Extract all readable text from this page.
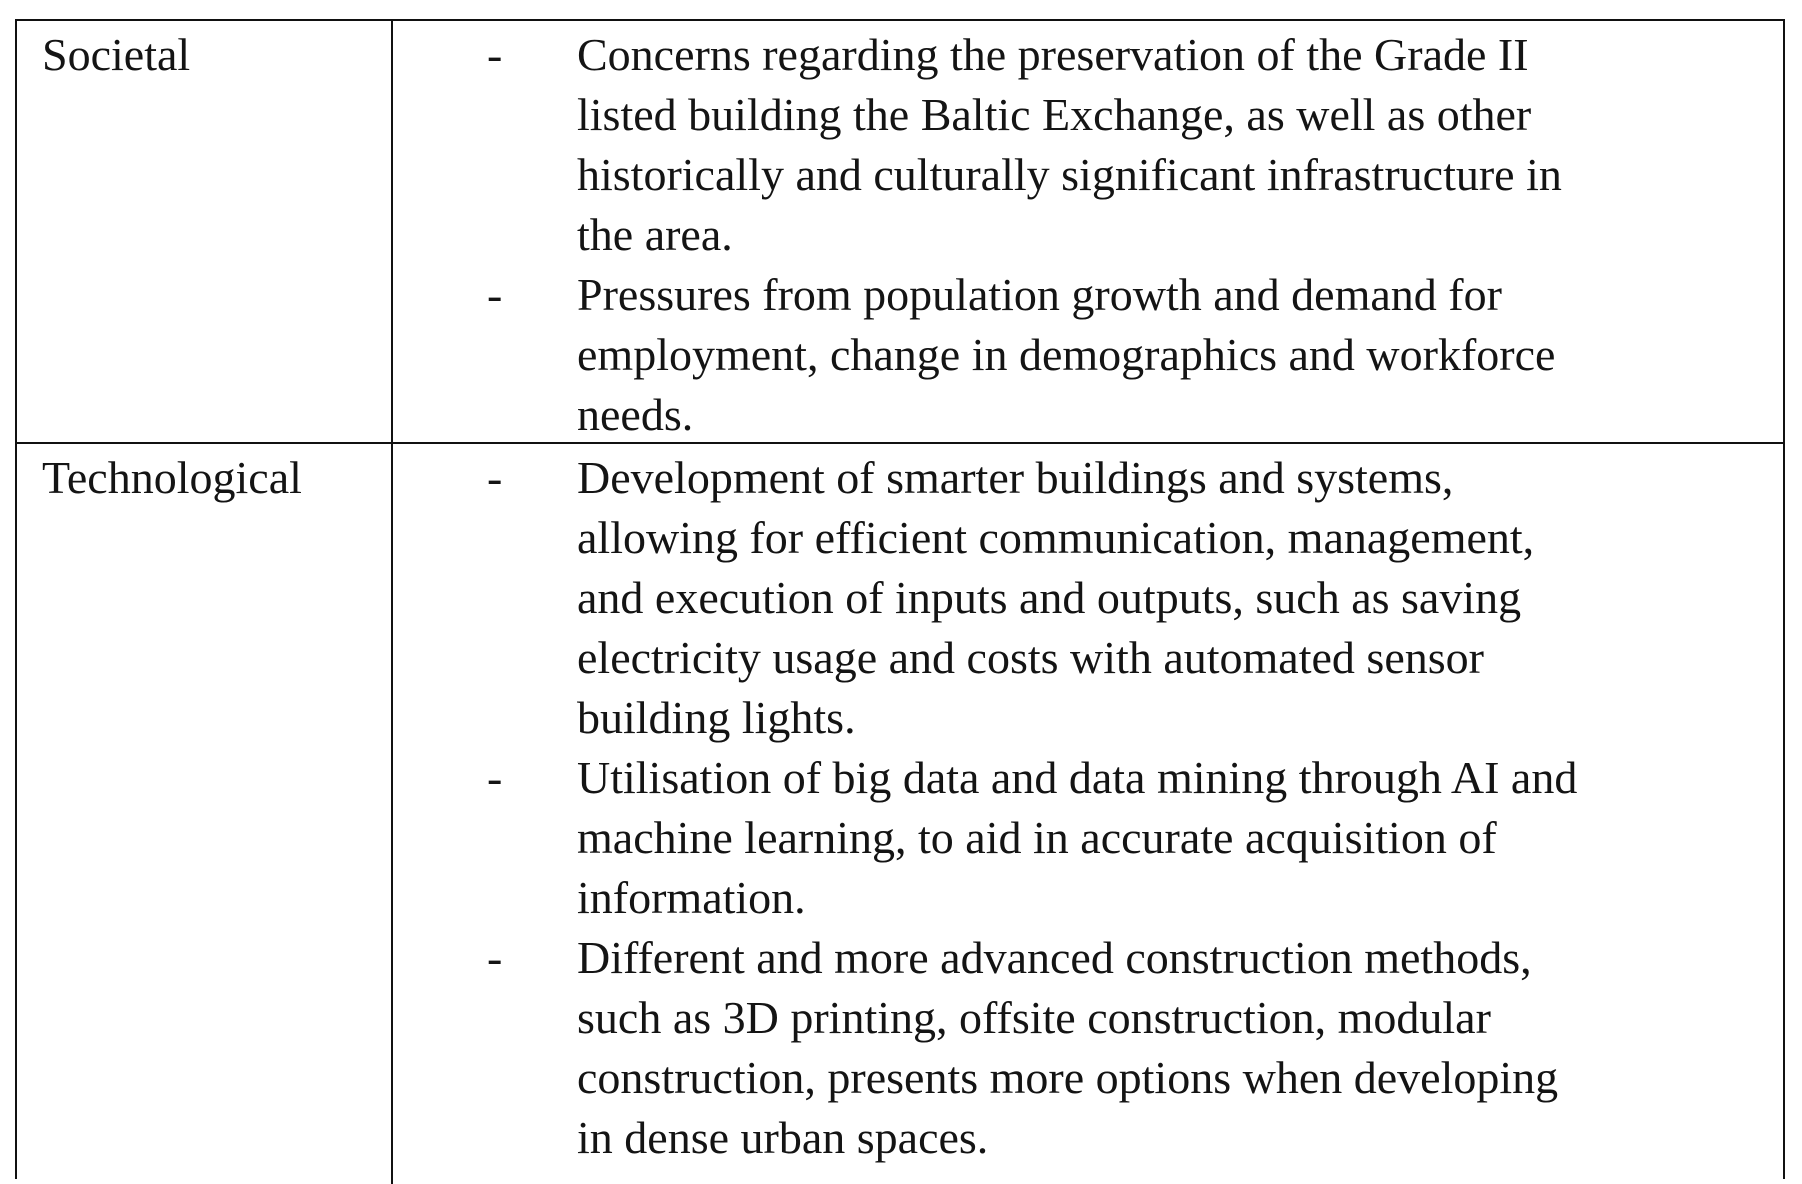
Societal	- Concerns regarding the preservation of the Grade II
listed building the Baltic Exchange, as well as other
historically and culturally significant infrastructure in
the area.
- Pressures from population growth and demand for
employment, change in demographics and workforce
needs.
Technological	- Development of smarter buildings and systems,
allowing for efficient communication, management,
and execution of inputs and outputs, such as saving
electricity usage and costs with automated sensor
building lights.
- Utilisation of big data and data mining through AI and
machine learning, to aid in accurate acquisition of
information.
- Different and more advanced construction methods,
such as 3D printing, offsite construction, modular
construction, presents more options when developing
in dense urban spaces.
